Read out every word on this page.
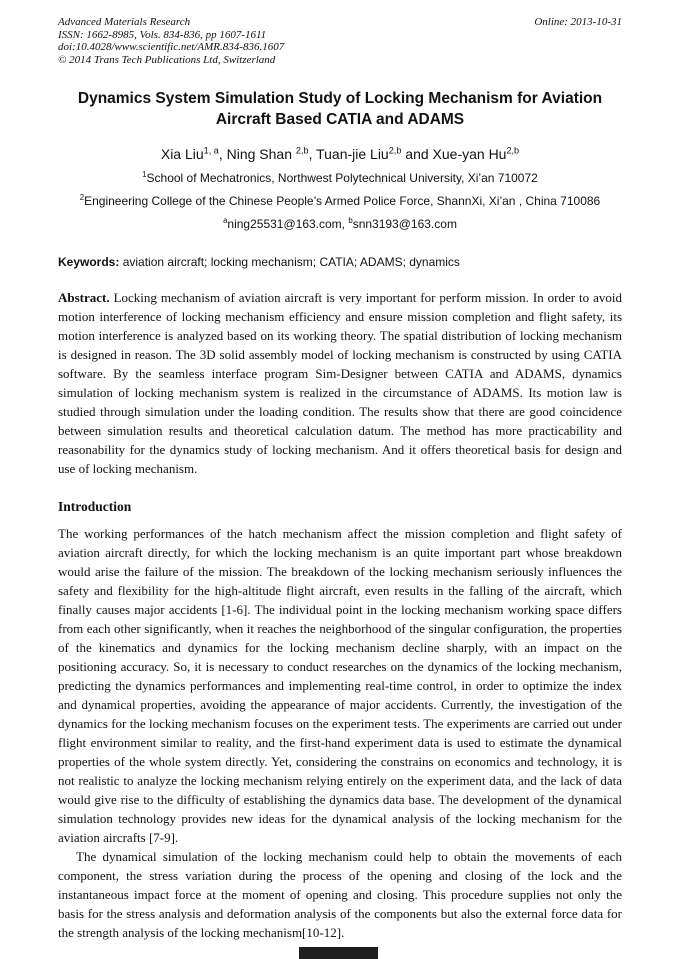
Advanced Materials Research
ISSN: 1662-8985, Vols. 834-836, pp 1607-1611
doi:10.4028/www.scientific.net/AMR.834-836.1607
© 2014 Trans Tech Publications Ltd, Switzerland
Online: 2013-10-31
Dynamics System Simulation Study of Locking Mechanism for Aviation Aircraft Based CATIA and ADAMS
Xia Liu$^{1, a}$, Ning Shan $^{2,b}$, Tuan-jie Liu$^{2,b}$ and Xue-yan Hu$^{2,b}$
$^1$School of Mechatronics, Northwest Polytechnical University, Xi’an 710072
$^2$Engineering College of the Chinese People’s Armed Police Force, ShannXi, Xi’an , China 710086
$^a$ning25531@163.com, $^b$snn3193@163.com
Keywords: aviation aircraft; locking mechanism; CATIA; ADAMS; dynamics
Abstract. Locking mechanism of aviation aircraft is very important for perform mission. In order to avoid motion interference of locking mechanism efficiency and ensure mission completion and flight safety, its motion interference is analyzed based on its working theory. The spatial distribution of locking mechanism is designed in reason. The 3D solid assembly model of locking mechanism is constructed by using CATIA software. By the seamless interface program Sim-Designer between CATIA and ADAMS, dynamics simulation of locking mechanism system is realized in the circumstance of ADAMS. Its motion law is studied through simulation under the loading condition. The results show that there are good coincidence between simulation results and theoretical calculation datum. The method has more practicability and reasonability for the dynamics study of locking mechanism. And it offers theoretical basis for design and use of locking mechanism.
Introduction
The working performances of the hatch mechanism affect the mission completion and flight safety of aviation aircraft directly, for which the locking mechanism is an quite important part whose breakdown would arise the failure of the mission. The breakdown of the locking mechanism seriously influences the safety and flexibility for the high-altitude flight aircraft, even results in the falling of the aircraft, which finally causes major accidents [1-6]. The individual point in the locking mechanism working space differs from each other significantly, when it reaches the neighborhood of the singular configuration, the properties of the kinematics and dynamics for the locking mechanism decline sharply, with an impact on the positioning accuracy. So, it is necessary to conduct researches on the dynamics of the locking mechanism, predicting the dynamics performances and implementing real-time control, in order to optimize the index and dynamical properties, avoiding the appearance of major accidents. Currently, the investigation of the dynamics for the locking mechanism focuses on the experiment tests. The experiments are carried out under flight environment similar to reality, and the first-hand experiment data is used to estimate the dynamical properties of the whole system directly. Yet, considering the constrains on economics and technology, it is not realistic to analyze the locking mechanism relying entirely on the experiment data, and the lack of data would give rise to the difficulty of establishing the dynamics data base. The development of the dynamical simulation technology provides new ideas for the dynamical analysis of the locking mechanism for the aviation aircrafts [7-9].
The dynamical simulation of the locking mechanism could help to obtain the movements of each component, the stress variation during the process of the opening and closing of the lock and the instantaneous impact force at the moment of opening and closing. This procedure supplies not only the basis for the stress analysis and deformation analysis of the components but also the external force data for the strength analysis of the locking mechanism[10-12].
